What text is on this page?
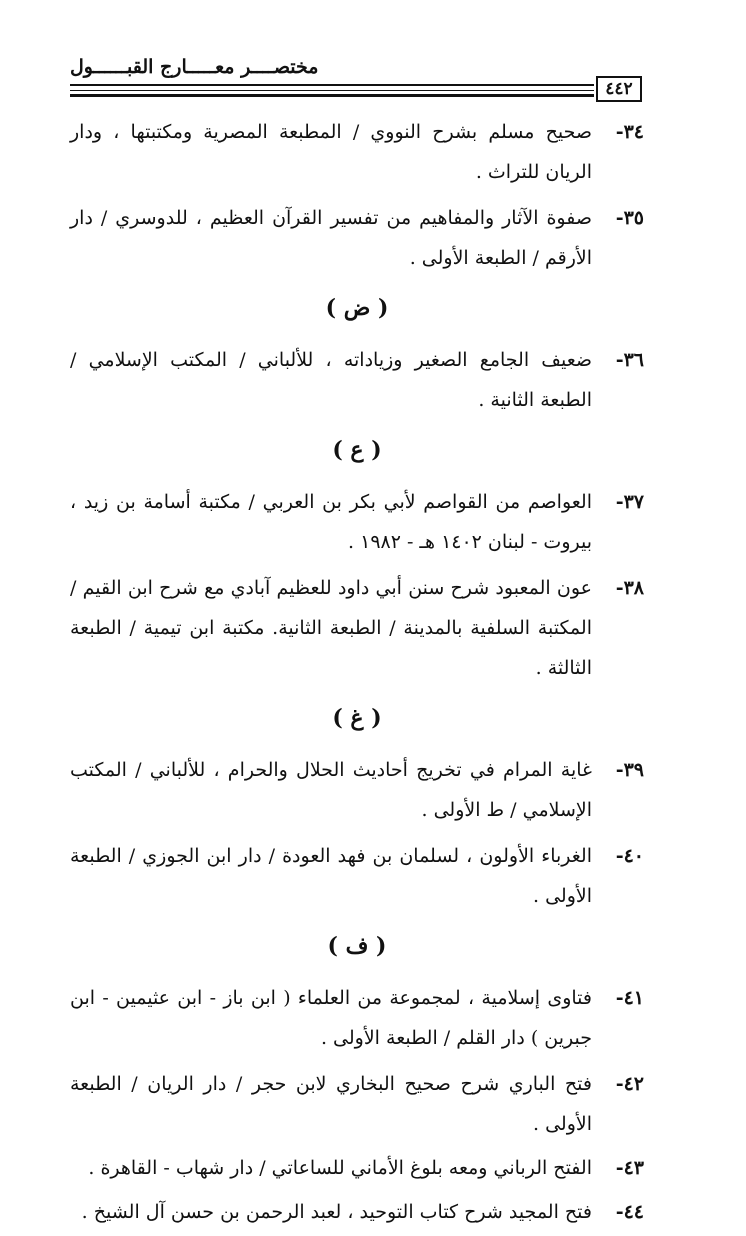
مختصــــر معـــــارج القبــــــول
٤٤٢
٣٤-
صحيح مسلم بشرح النووي / المطبعة المصرية ومكتبتها ، ودار الريان للتراث .
٣٥-
صفوة الآثار والمفاهيم من تفسير القرآن العظيم ، للدوسري / دار الأرقم / الطبعة الأولى .
( ض )
٣٦-
ضعيف الجامع الصغير وزياداته ، للألباني / المكتب الإسلامي / الطبعة الثانية .
( ع )
٣٧-
العواصم من القواصم لأبي بكر بن العربي / مكتبة أسامة بن زيد ، بيروت - لبنان ١٤٠٢ هـ - ١٩٨٢ .
٣٨-
عون المعبود شرح سنن أبي داود للعظيم آبادي مع شرح ابن القيم / المكتبة السلفية بالمدينة / الطبعة الثانية. مكتبة ابن تيمية / الطبعة الثالثة .
( غ )
٣٩-
غاية المرام في تخريج أحاديث الحلال والحرام ، للألباني / المكتب الإسلامي / ط الأولى .
٤٠-
الغرباء الأولون ، لسلمان بن فهد العودة / دار ابن الجوزي / الطبعة الأولى .
( ف )
٤١-
فتاوى إسلامية ، لمجموعة من العلماء ( ابن باز - ابن عثيمين - ابن جبرين ) دار القلم / الطبعة الأولى .
٤٢-
فتح الباري شرح صحيح البخاري لابن حجر / دار الريان / الطبعة الأولى .
٤٣-
الفتح الرباني ومعه بلوغ الأماني للساعاتي / دار شهاب - القاهرة .
٤٤-
فتح المجيد شرح كتاب التوحيد ، لعبد الرحمن بن حسن آل الشيخ .
